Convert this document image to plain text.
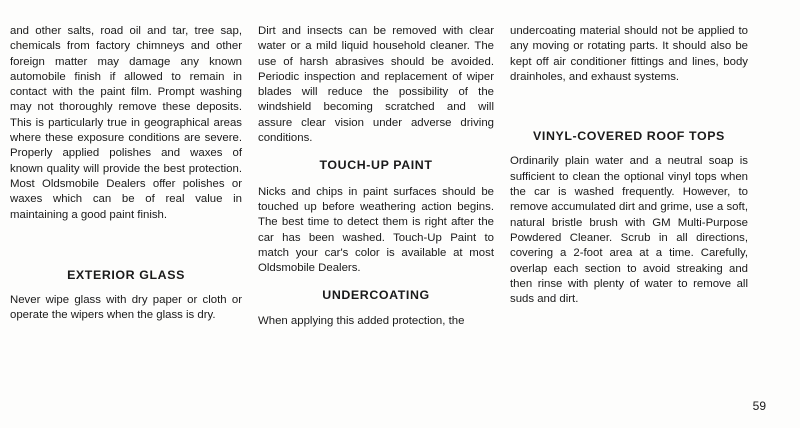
and other salts, road oil and tar, tree sap, chemicals from factory chimneys and other foreign matter may damage any known automobile finish if allowed to remain in contact with the paint film. Prompt washing may not thoroughly remove these deposits. This is particularly true in geographical areas where these exposure conditions are severe. Properly applied polishes and waxes of known quality will provide the best protection. Most Oldsmobile Dealers offer polishes or waxes which can be of real value in maintaining a good paint finish.

EXTERIOR GLASS

Never wipe glass with dry paper or cloth or operate the wipers when the glass is dry.

Dirt and insects can be removed with clear water or a mild liquid household cleaner. The use of harsh abrasives should be avoided. Periodic inspection and replacement of wiper blades will reduce the possibility of the windshield becoming scratched and will assure clear vision under adverse driving conditions.

TOUCH-UP PAINT

Nicks and chips in paint surfaces should be touched up before weathering action begins. The best time to detect them is right after the car has been washed. Touch-Up Paint to match your car's color is available at most Oldsmobile Dealers.

UNDERCOATING

When applying this added protection, the

undercoating material should not be applied to any moving or rotating parts. It should also be kept off air conditioner fittings and lines, body drainholes, and exhaust systems.

VINYL-COVERED ROOF TOPS

Ordinarily plain water and a neutral soap is sufficient to clean the optional vinyl tops when the car is washed frequently. However, to remove accumulated dirt and grime, use a soft, natural bristle brush with GM Multi-Purpose Powdered Cleaner. Scrub in all directions, covering a 2-foot area at a time. Carefully, overlap each section to avoid streaking and then rinse with plenty of water to remove all suds and dirt.

59
